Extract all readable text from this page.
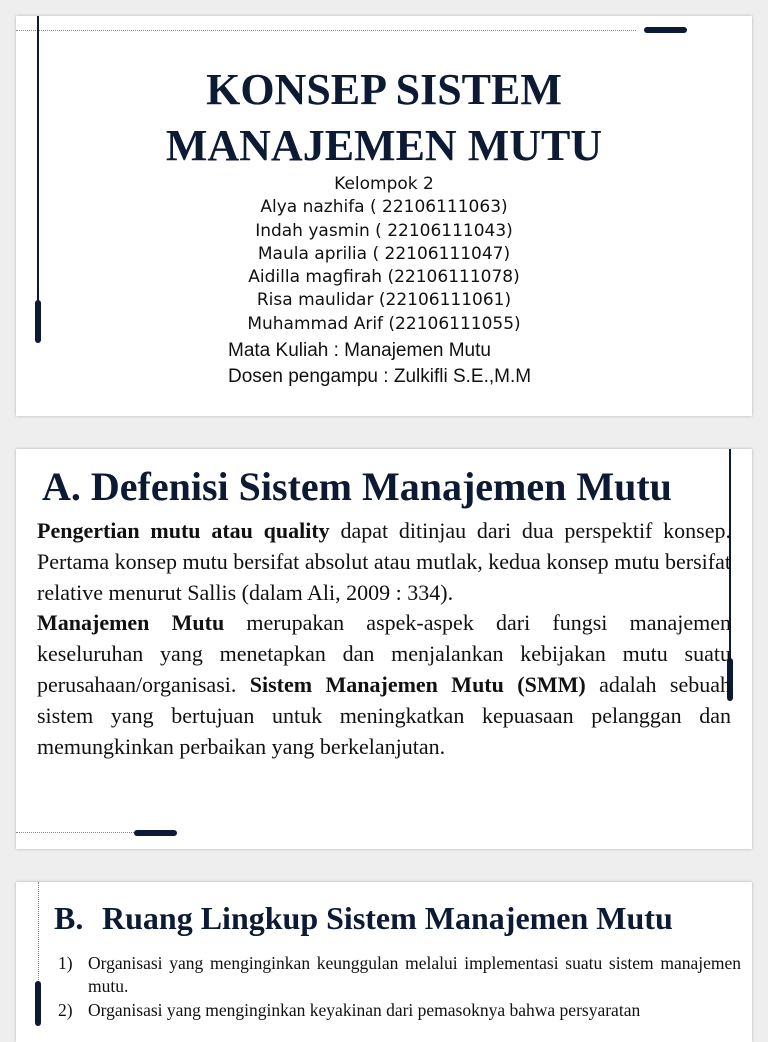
KONSEP SISTEM
MANAJEMEN MUTU
Kelompok 2
Alya nazhifa ( 22106111063)
Indah yasmin ( 22106111043)
Maula aprilia ( 22106111047)
Aidilla magfirah (22106111078)
Risa maulidar (22106111061)
Muhammad Arif (22106111055)
Mata Kuliah : Manajemen Mutu
Dosen pengampu : Zulkifli S.E.,M.M
A. Defenisi Sistem Manajemen Mutu

Pengertian mutu atau quality dapat ditinjau dari dua perspektif konsep. Pertama konsep mutu bersifat absolut atau mutlak, kedua konsep mutu bersifat relative menurut Sallis (dalam Ali, 2009 : 334).

Manajemen Mutu merupakan aspek-aspek dari fungsi manajemen keseluruhan yang menetapkan dan menjalankan kebijakan mutu suatu perusahaan/organisasi. Sistem Manajemen Mutu (SMM) adalah sebuah sistem yang bertujuan untuk meningkatkan kepuasaan pelanggan dan memungkinkan perbaikan yang berkelanjutan.

B. Ruang Lingkup Sistem Manajemen Mutu
1) Organisasi yang menginginkan keunggulan melalui implementasi suatu sistem manajemen mutu.
2) Organisasi yang menginginkan keyakinan dari pemasoknya bahwa persyaratan
